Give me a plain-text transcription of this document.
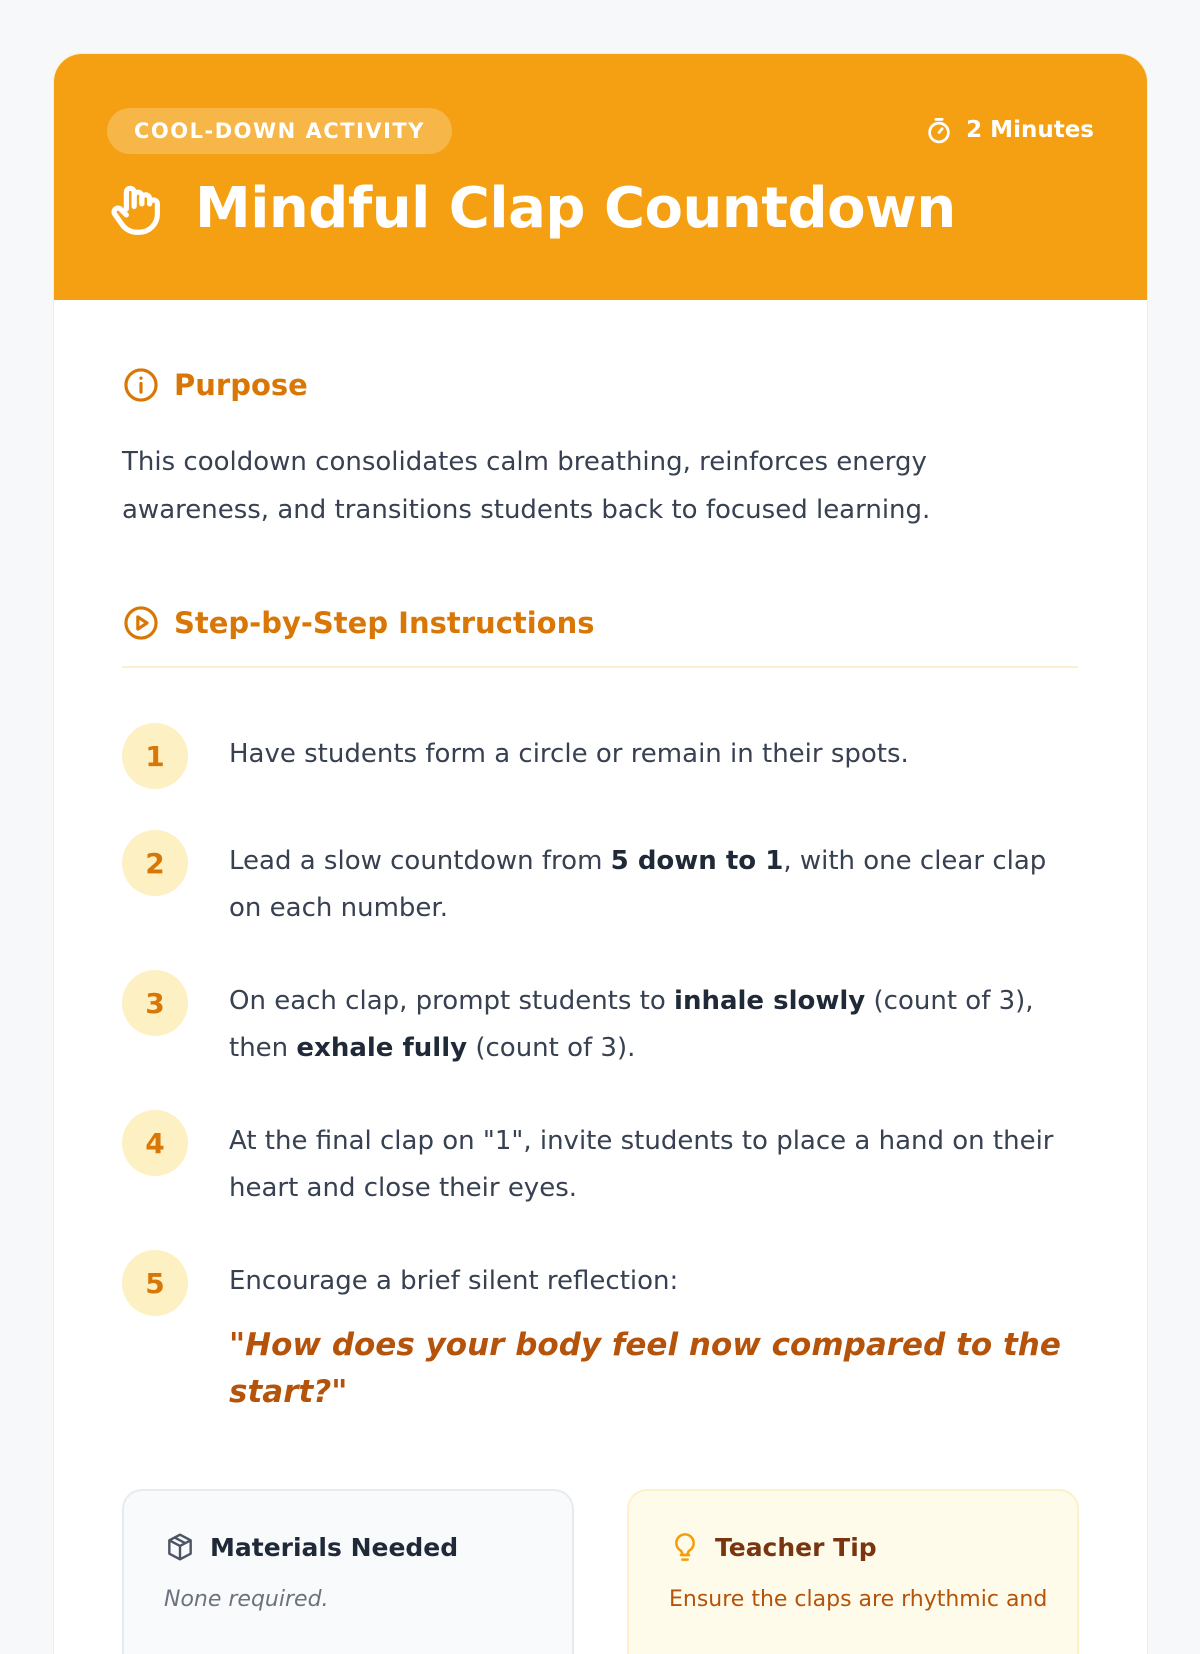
COOL-DOWN ACTIVITY	2 Minutes
Mindful Clap Countdown
Purpose

This cooldown consolidates calm breathing, reinforces energy awareness, and transitions students back to focused learning.

Step-by-Step Instructions
1	Have students form a circle or remain in their spots.

2	Lead a slow countdown from 5 down to 1, with one clear clap on each number.

3	On each clap, prompt students to inhale slowly (count of 3), then exhale fully (count of 3).

4	At the final clap on "1", invite students to place a hand on their heart and close their eyes.

5	Encourage a brief silent reflection:

"How does your body feel now compared to the start?"

Materials Needed

None required.

Teacher Tip

Ensure the claps are rhythmic and
